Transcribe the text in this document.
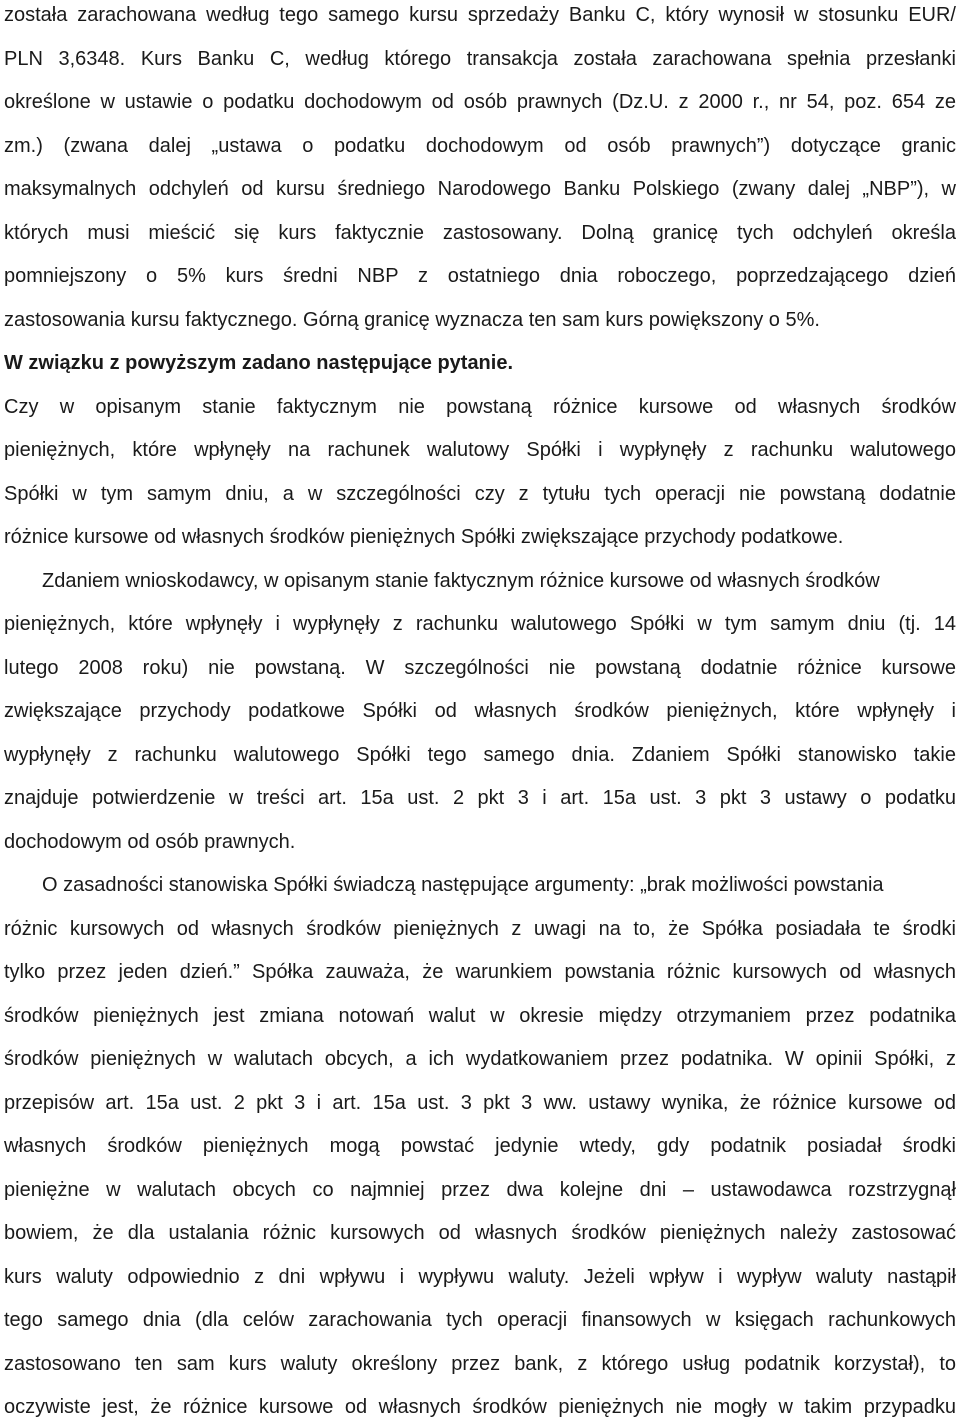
została zarachowana według tego samego kursu sprzedaży Banku C, który wynosił w stosunku EUR/
PLN 3,6348. Kurs Banku C, według którego transakcja została zarachowana spełnia przesłanki
określone w ustawie o podatku dochodowym od osób prawnych (Dz.U. z 2000 r., nr 54, poz. 654 ze
zm.) (zwana dalej „ustawa o podatku dochodowym od osób prawnych”) dotyczące granic
maksymalnych odchyleń od kursu średniego Narodowego Banku Polskiego (zwany dalej „NBP”), w
których musi mieścić się kurs faktycznie zastosowany. Dolną granicę tych odchyleń określa
pomniejszony o 5% kurs średni NBP z ostatniego dnia roboczego, poprzedzającego dzień
zastosowania kursu faktycznego. Górną granicę wyznacza ten sam kurs powiększony o 5%.
W związku z powyższym zadano następujące pytanie.
Czy w opisanym stanie faktycznym nie powstaną różnice kursowe od własnych środków
pieniężnych, które wpłynęły na rachunek walutowy Spółki i wypłynęły z rachunku walutowego
Spółki w tym samym dniu, a w szczególności czy z tytułu tych operacji nie powstaną dodatnie
różnice kursowe od własnych środków pieniężnych Spółki zwiększające przychody podatkowe.
Zdaniem wnioskodawcy, w opisanym stanie faktycznym różnice kursowe od własnych środków
pieniężnych, które wpłynęły i wypłynęły z rachunku walutowego Spółki w tym samym dniu (tj. 14
lutego 2008 roku) nie powstaną. W szczególności nie powstaną dodatnie różnice kursowe
zwiększające przychody podatkowe Spółki od własnych środków pieniężnych, które wpłynęły i
wypłynęły z rachunku walutowego Spółki tego samego dnia. Zdaniem Spółki stanowisko takie
znajduje potwierdzenie w treści art. 15a ust. 2 pkt 3 i art. 15a ust. 3 pkt 3 ustawy o podatku
dochodowym od osób prawnych.
O zasadności stanowiska Spółki świadczą następujące argumenty: „brak możliwości powstania
różnic kursowych od własnych środków pieniężnych z uwagi na to, że Spółka posiadała te środki
tylko przez jeden dzień.” Spółka zauważa, że warunkiem powstania różnic kursowych od własnych
środków pieniężnych jest zmiana notowań walut w okresie między otrzymaniem przez podatnika
środków pieniężnych w walutach obcych, a ich wydatkowaniem przez podatnika. W opinii Spółki, z
przepisów art. 15a ust. 2 pkt 3 i art. 15a ust. 3 pkt 3 ww. ustawy wynika, że różnice kursowe od
własnych środków pieniężnych mogą powstać jedynie wtedy, gdy podatnik posiadał środki
pieniężne w walutach obcych co najmniej przez dwa kolejne dni – ustawodawca rozstrzygnął
bowiem, że dla ustalania różnic kursowych od własnych środków pieniężnych należy zastosować
kurs waluty odpowiednio z dni wpływu i wypływu waluty. Jeżeli wpływ i wypływ waluty nastąpił
tego samego dnia (dla celów zarachowania tych operacji finansowych w księgach rachunkowych
zastosowano ten sam kurs waluty określony przez bank, z którego usług podatnik korzystał), to
oczywiste jest, że różnice kursowe od własnych środków pieniężnych nie mogły w takim przypadku
